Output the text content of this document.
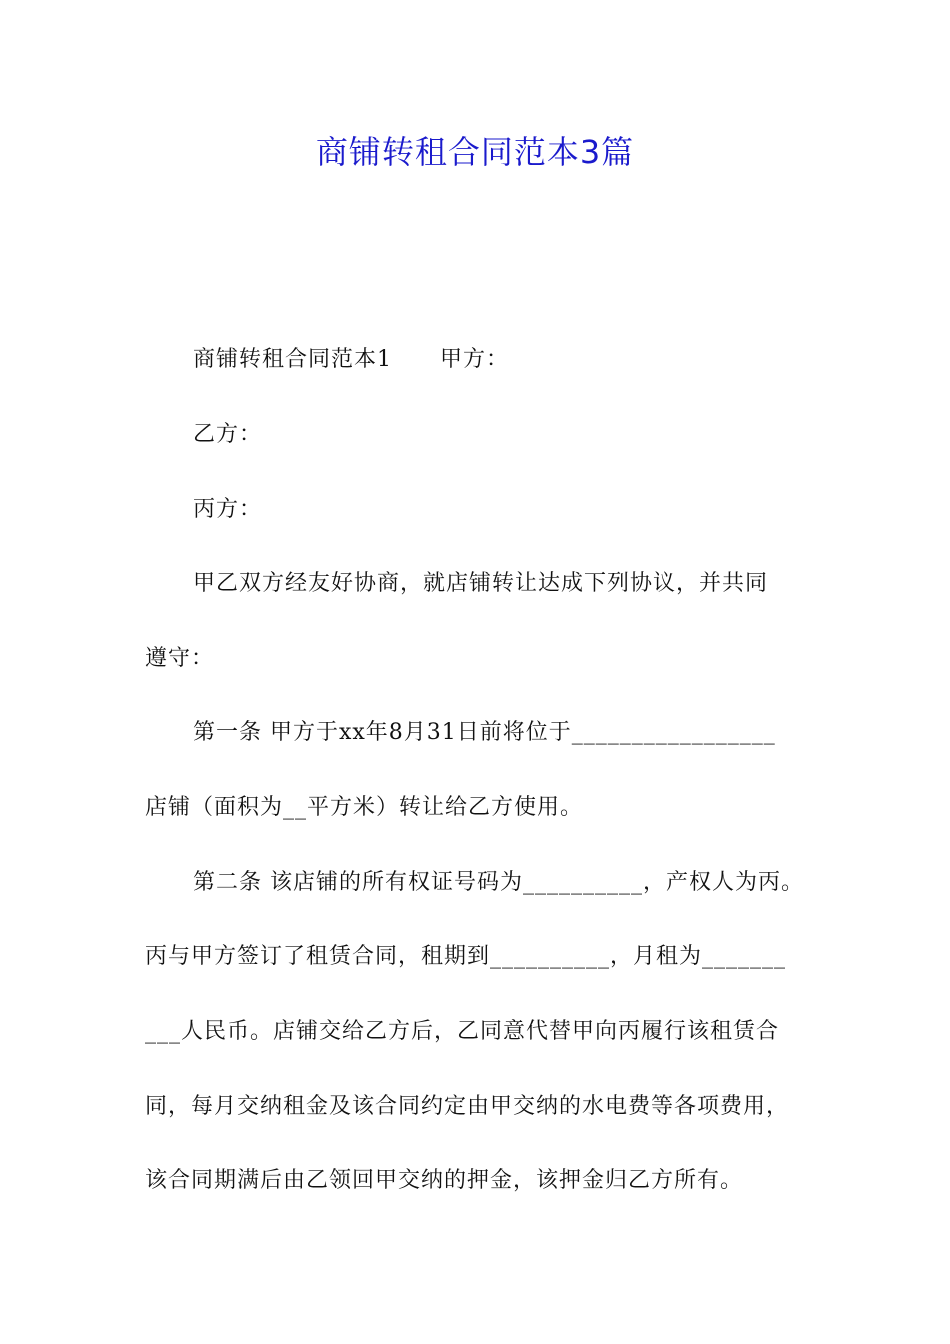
商铺转租合同范本3篇
商铺转租合同范本1 甲方：
乙方：
丙方：
甲乙双方经友好协商，就店铺转让达成下列协议，并共同
遵守：
第一条 甲方于xx年8月31日前将位于_________________
店铺（面积为__平方米）转让给乙方使用。
第二条 该店铺的所有权证号码为__________，产权人为丙。
丙与甲方签订了租赁合同，租期到__________，月租为_______
___人民币。店铺交给乙方后，乙同意代替甲向丙履行该租赁合
同，每月交纳租金及该合同约定由甲交纳的水电费等各项费用，
该合同期满后由乙领回甲交纳的押金，该押金归乙方所有。
